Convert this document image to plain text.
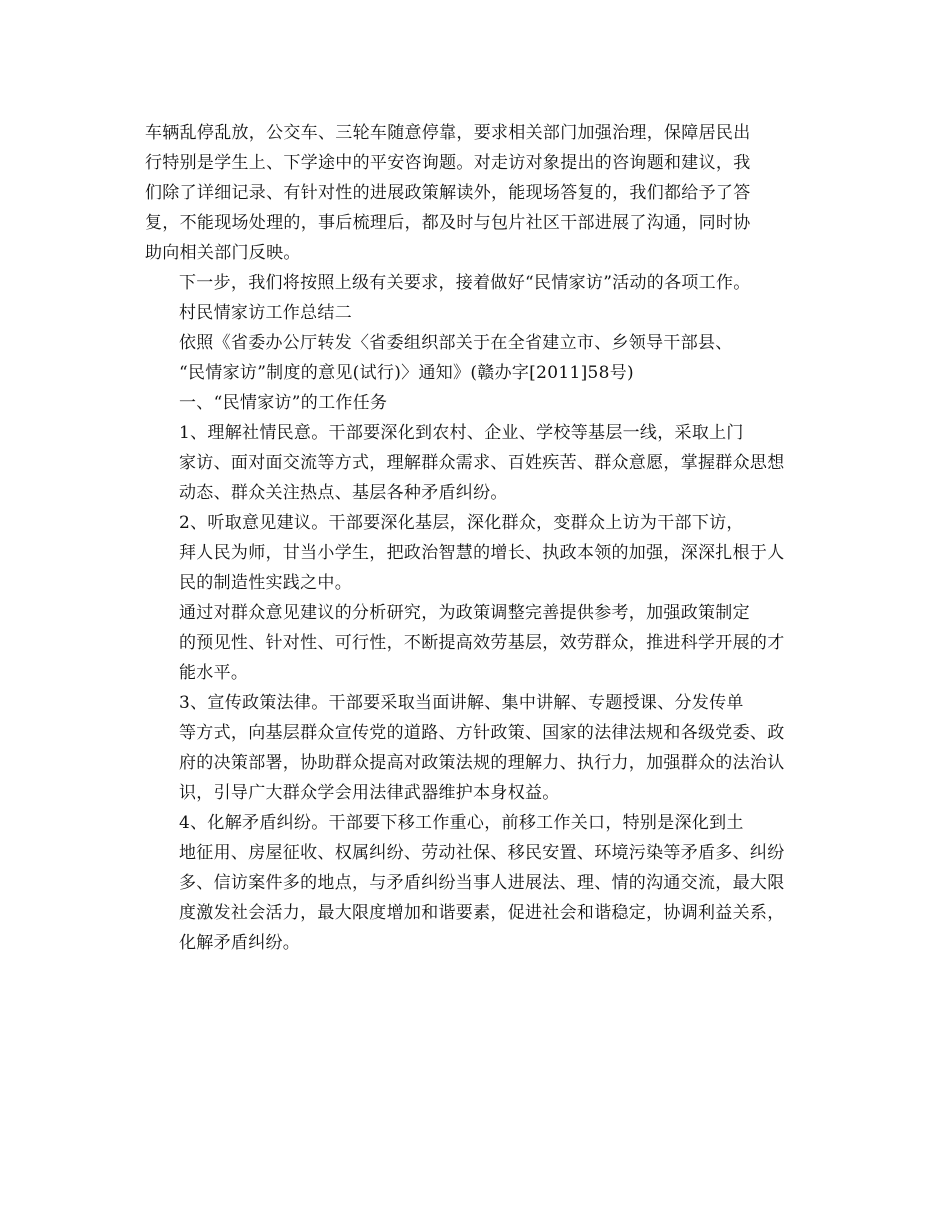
车辆乱停乱放，公交车、三轮车随意停靠，要求相关部门加强治理，保障居民出
行特别是学生上、下学途中的平安咨询题。对走访对象提出的咨询题和建议，我
们除了详细记录、有针对性的进展政策解读外，能现场答复的，我们都给予了答
复，不能现场处理的，事后梳理后，都及时与包片社区干部进展了沟通，同时协
助向相关部门反映。

下一步，我们将按照上级有关要求，接着做好“民情家访”活动的各项工作。

村民情家访工作总结二

依照《省委办公厅转发〈省委组织部关于在全省建立市、乡领导干部县、
“民情家访”制度的意见(试行)〉通知》(赣办字[2011]58号)

一、“民情家访”的工作任务

1、理解社情民意。干部要深化到农村、企业、学校等基层一线，采取上门
家访、面对面交流等方式，理解群众需求、百姓疾苦、群众意愿，掌握群众思想
动态、群众关注热点、基层各种矛盾纠纷。

2、听取意见建议。干部要深化基层，深化群众，变群众上访为干部下访，
拜人民为师，甘当小学生，把政治智慧的增长、执政本领的加强，深深扎根于人
民的制造性实践之中。

通过对群众意见建议的分析研究，为政策调整完善提供参考，加强政策制定
的预见性、针对性、可行性，不断提高效劳基层，效劳群众，推进科学开展的才
能水平。

3、宣传政策法律。干部要采取当面讲解、集中讲解、专题授课、分发传单
等方式，向基层群众宣传党的道路、方针政策、国家的法律法规和各级党委、政
府的决策部署，协助群众提高对政策法规的理解力、执行力，加强群众的法治认
识，引导广大群众学会用法律武器维护本身权益。

4、化解矛盾纠纷。干部要下移工作重心，前移工作关口，特别是深化到土
地征用、房屋征收、权属纠纷、劳动社保、移民安置、环境污染等矛盾多、纠纷
多、信访案件多的地点，与矛盾纠纷当事人进展法、理、情的沟通交流，最大限
度激发社会活力，最大限度增加和谐要素，促进社会和谐稳定，协调利益关系，
化解矛盾纠纷。
